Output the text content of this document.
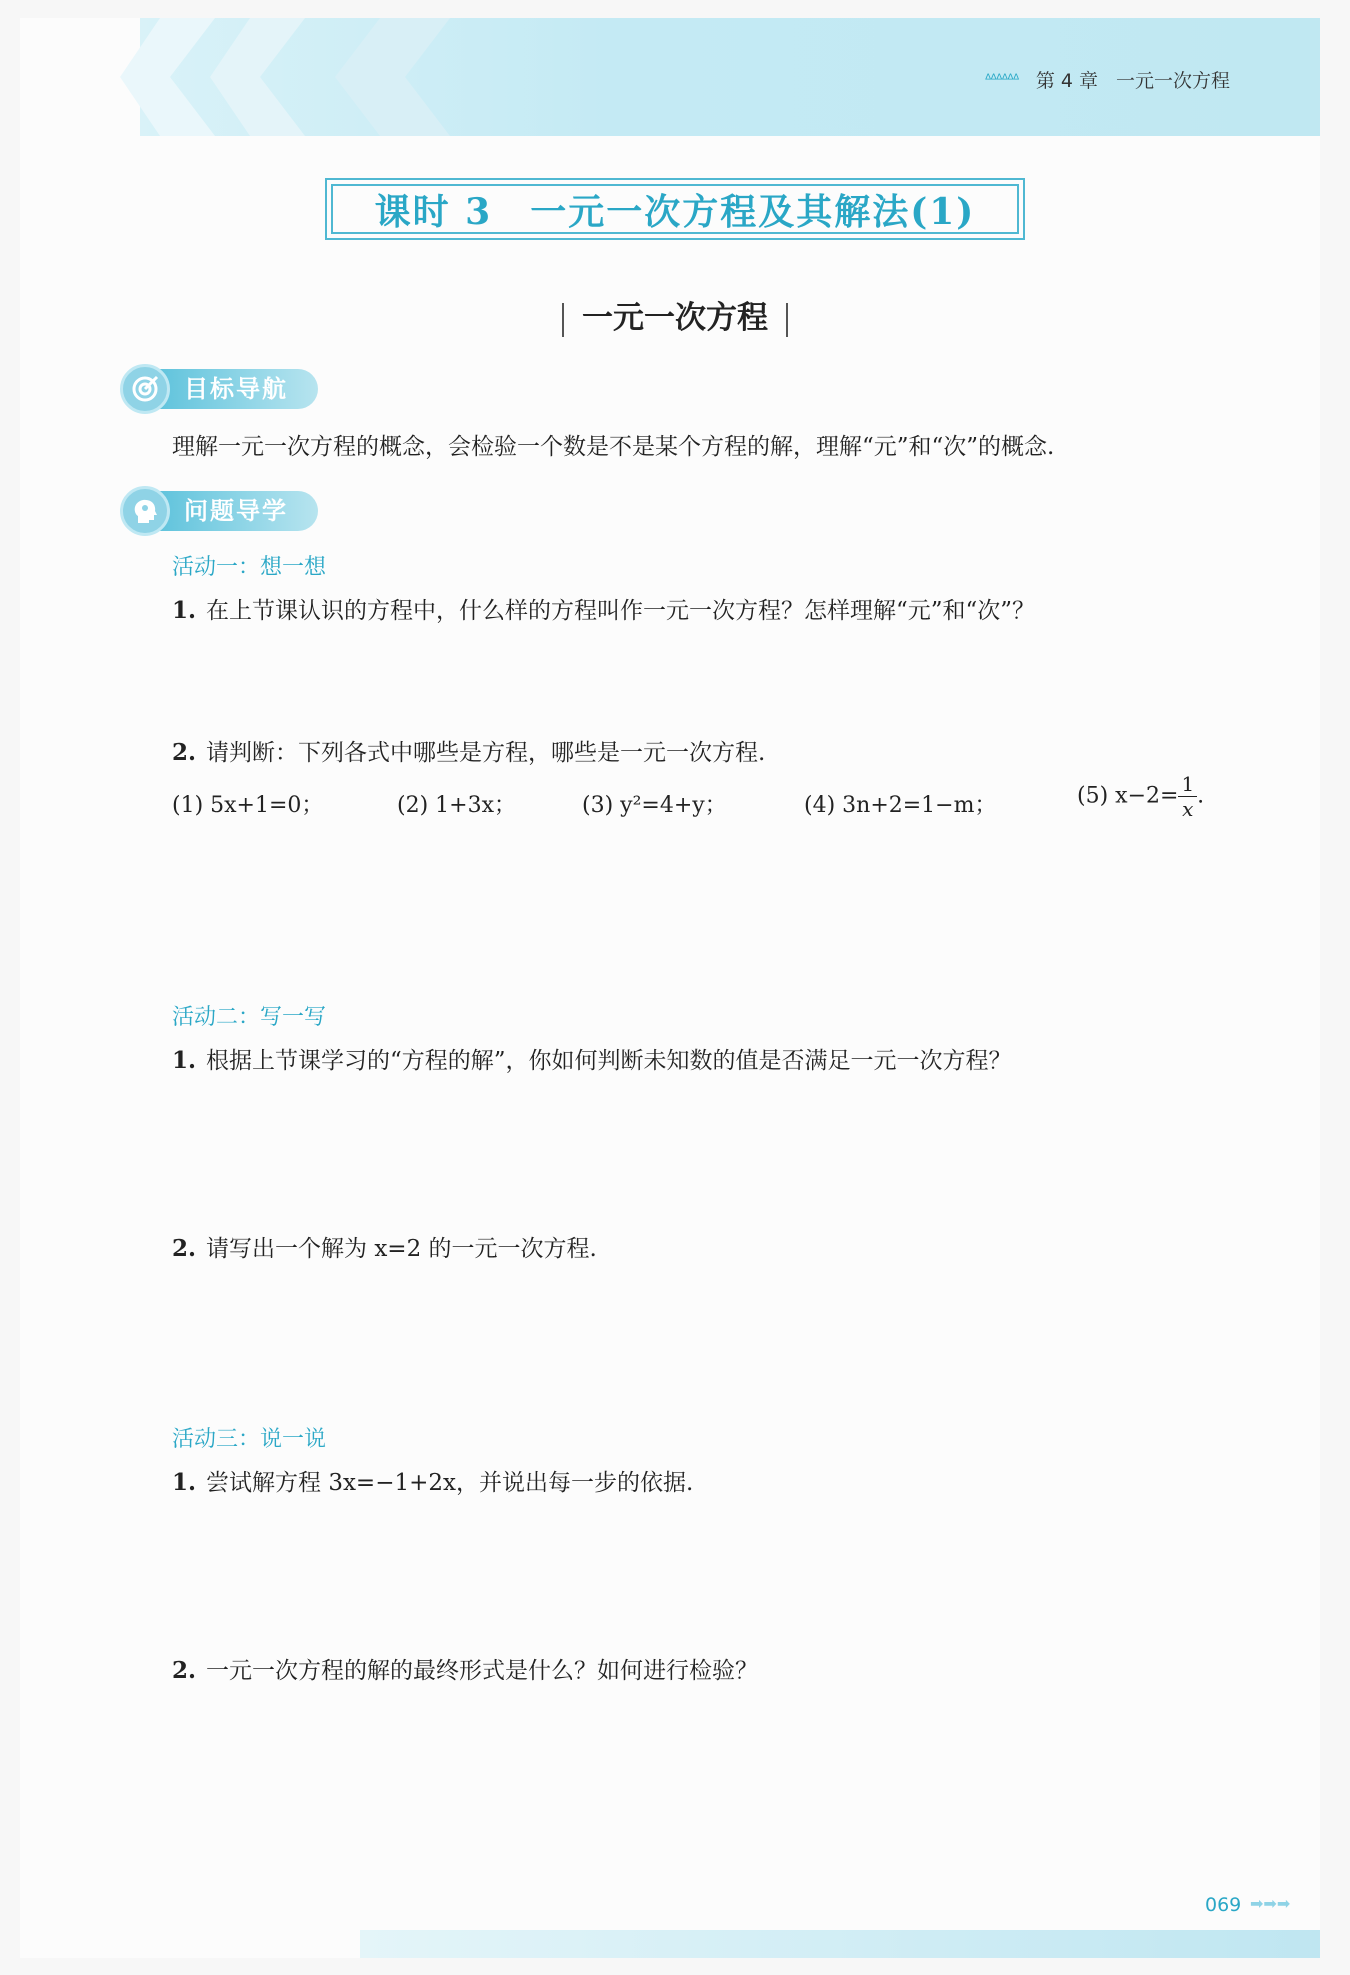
ᐞᐞᐞᐞᐞᐞ 第 4 章 一元一次方程
课时 3　一元一次方程及其解法(1)
一元一次方程
目标导航
理解一元一次方程的概念，会检验一个数是不是某个方程的解，理解“元”和“次”的概念.
问题导学
活动一：想一想
1. 在上节课认识的方程中，什么样的方程叫作一元一次方程？怎样理解“元”和“次”？
2. 请判断：下列各式中哪些是方程，哪些是一元一次方程.
(1) 5x+1=0；	(2) 1+3x；	(3) y²=4+y；	(4) 3n+2=1−m；	(5) $x-2= \frac{1}{x}$ .
活动二：写一写
1. 根据上节课学习的“方程的解”，你如何判断未知数的值是否满足一元一次方程？
2. 请写出一个解为 x=2 的一元一次方程.
活动三：说一说
1. 尝试解方程 3x=−1+2x，并说出每一步的依据.
2. 一元一次方程的解的最终形式是什么？如何进行检验？
069 ➡➡➡
